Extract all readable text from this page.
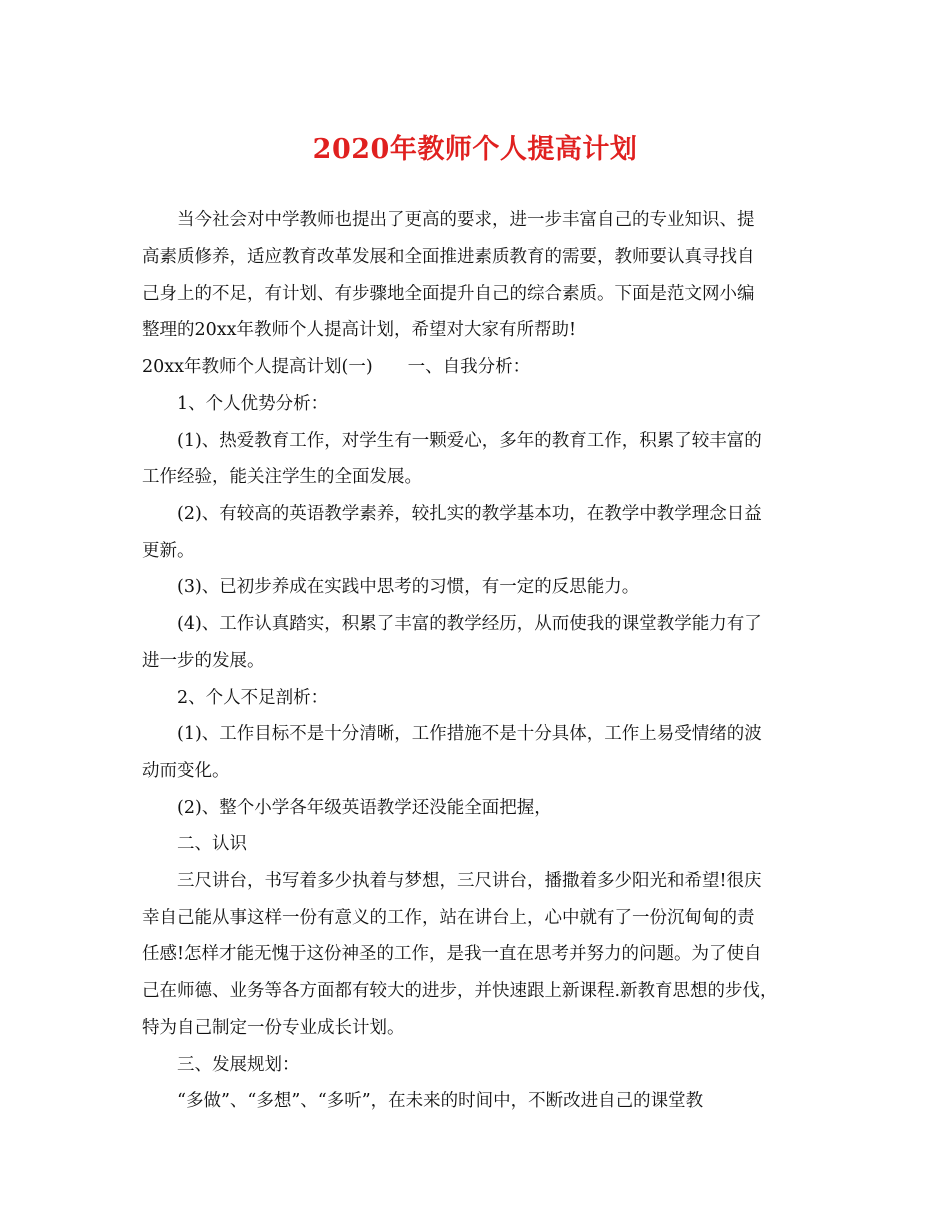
2020年教师个人提高计划
当今社会对中学教师也提出了更高的要求，进一步丰富自己的专业知识、提
高素质修养，适应教育改革发展和全面推进素质教育的需要，教师要认真寻找自
己身上的不足，有计划、有步骤地全面提升自己的综合素质。下面是范文网小编
整理的20xx年教师个人提高计划，希望对大家有所帮助!
20xx年教师个人提高计划(一)　　一、自我分析：
1、个人优势分析：
(1)、热爱教育工作，对学生有一颗爱心，多年的教育工作，积累了较丰富的
工作经验，能关注学生的全面发展。
(2)、有较高的英语教学素养，较扎实的教学基本功，在教学中教学理念日益
更新。
(3)、已初步养成在实践中思考的习惯，有一定的反思能力。
(4)、工作认真踏实，积累了丰富的教学经历，从而使我的课堂教学能力有了
进一步的发展。
2、个人不足剖析：
(1)、工作目标不是十分清晰，工作措施不是十分具体，工作上易受情绪的波
动而变化。
(2)、整个小学各年级英语教学还没能全面把握，
二、认识
三尺讲台，书写着多少执着与梦想，三尺讲台，播撒着多少阳光和希望!很庆
幸自己能从事这样一份有意义的工作，站在讲台上，心中就有了一份沉甸甸的责
任感!怎样才能无愧于这份神圣的工作，是我一直在思考并努力的问题。为了使自
己在师德、业务等各方面都有较大的进步，并快速跟上新课程.新教育思想的步伐，
特为自己制定一份专业成长计划。
三、发展规划：
“多做”、“多想”、“多听”，在未来的时间中，不断改进自己的课堂教
